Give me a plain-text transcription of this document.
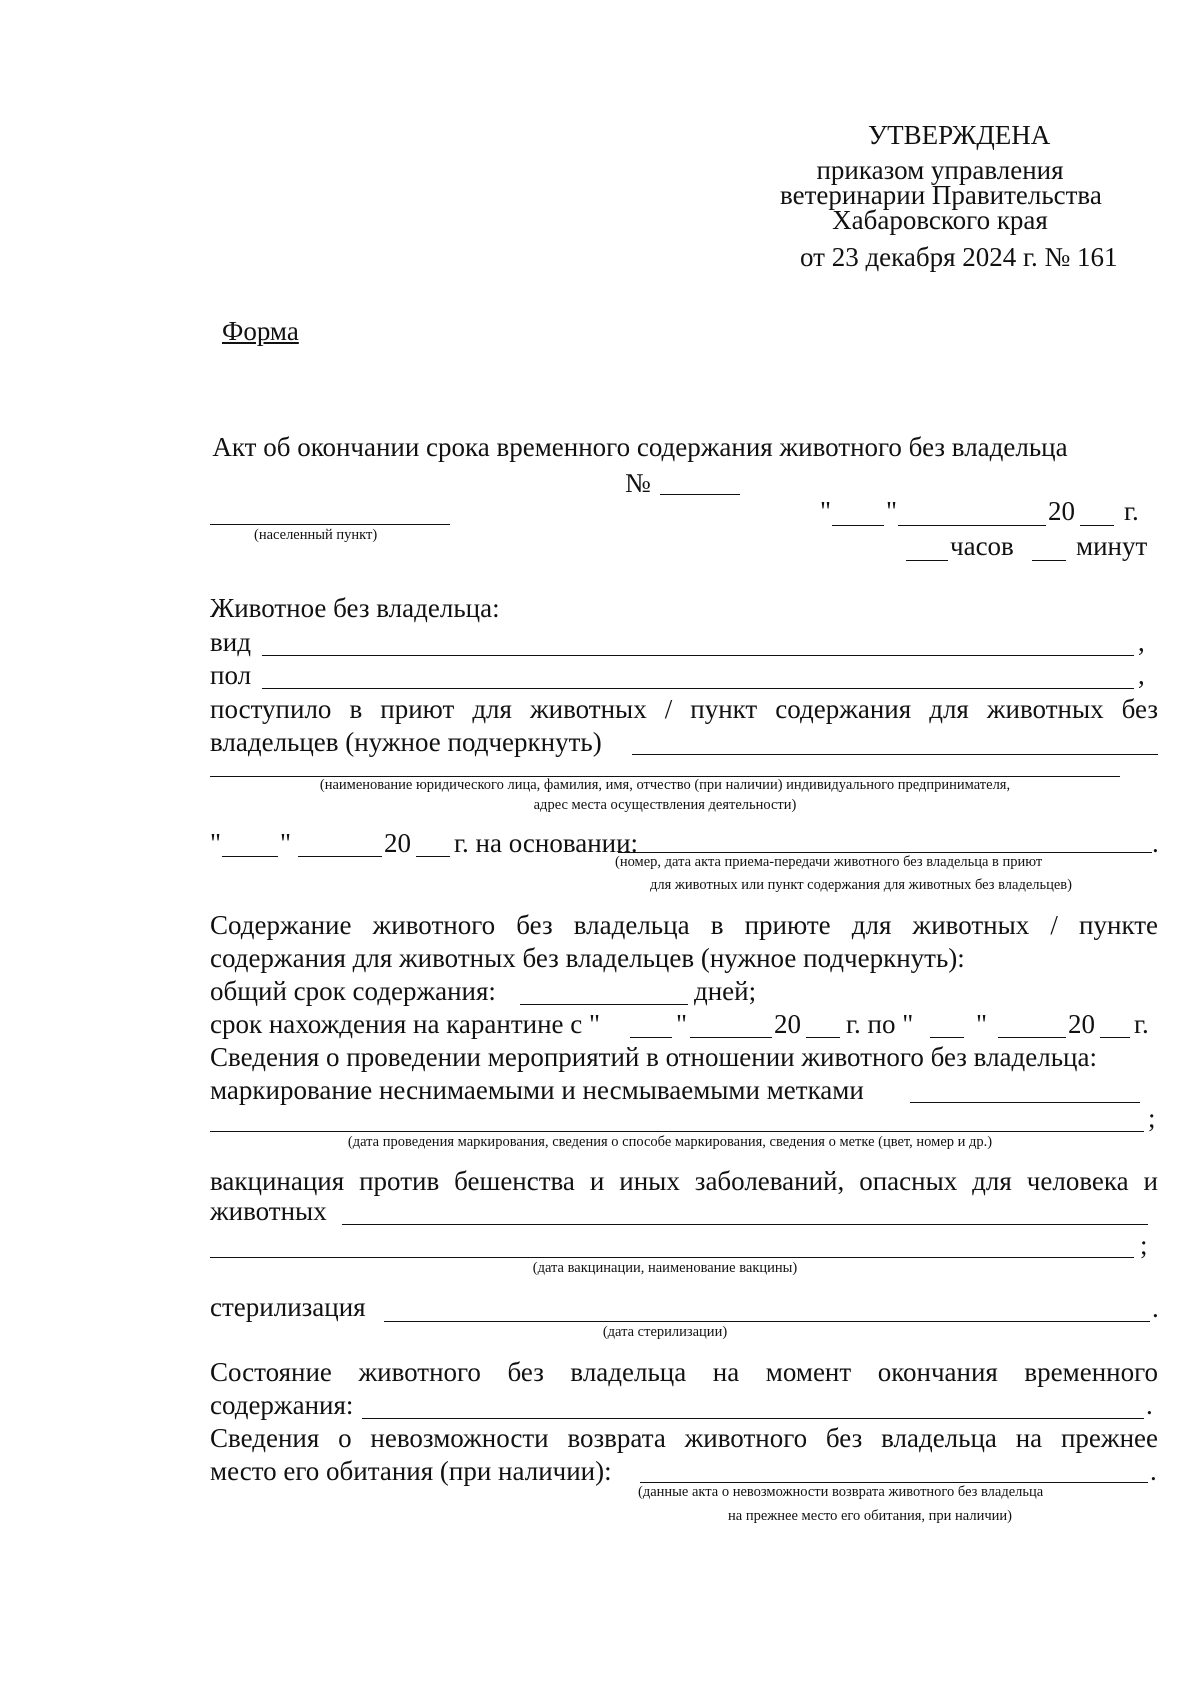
УТВЕРЖДЕНА
приказом управления
ветеринарии Правительства
Хабаровского края
от 23 декабря 2024 г. № 161
Форма
Акт об окончании срока временного содержания животного без владельца
№
(населенный пункт)
" "	20 г.
часов минут
Животное без владельца:
вид	,
пол	,
поступило в приют для животных / пункт содержания для животных без
владельцев (нужное подчеркнуть)
(наименование юридического лица, фамилия, имя, отчество (при наличии) индивидуального предпринимателя,
адрес места осуществления деятельности)
" "	20 г. на основании:	.
(номер, дата акта приема-передачи животного без владельца в приют
для животных или пункт содержания для животных без владельцев)
Содержание животного без владельца в приюте для животных / пункте
содержания для животных без владельцев (нужное подчеркнуть):
общий срок содержания:	дней;
срок нахождения на карантине с "	"	20 г. по " "	20 г.
Сведения о проведении мероприятий в отношении животного без владельца:
маркирование неснимаемыми и несмываемыми метками
;
(дата проведения маркирования, сведения о способе маркирования, сведения о метке (цвет, номер и др.)
вакцинация против бешенства и иных заболеваний, опасных для человека и
животных
;
(дата вакцинации, наименование вакцины)
стерилизация	.
(дата стерилизации)
Состояние животного без владельца на момент окончания временного
содержания:	.
Сведения о невозможности возврата животного без владельца на прежнее
место его обитания (при наличии):	.
(данные акта о невозможности возврата животного без владельца
на прежнее место его обитания, при наличии)
